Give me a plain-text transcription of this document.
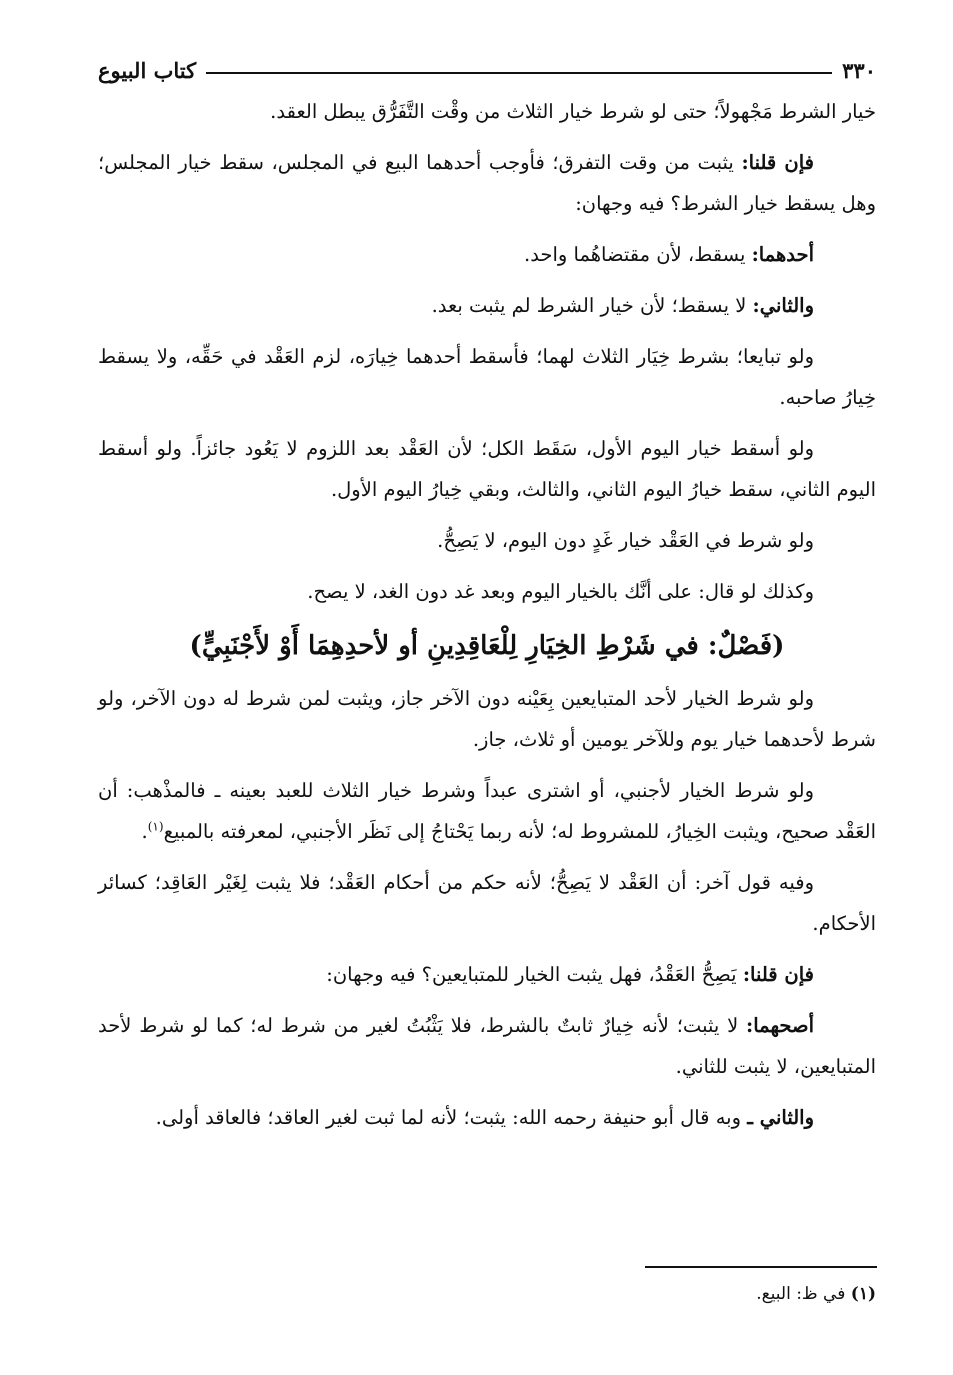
٣٣٠
كتاب البيوع

خيار الشرط مَجْهولاً؛ حتى لو شرط خيار الثلاث من وقْت التَّفَرُّق يبطل العقد.

فإن قلنا: يثبت من وقت التفرق؛ فأوجب أحدهما البيع في المجلس، سقط خيار المجلس؛ وهل يسقط خيار الشرط؟ فيه وجهان:

أحدهما: يسقط، لأن مقتضاهُما واحد.

والثاني: لا يسقط؛ لأن خيار الشرط لم يثبت بعد.

ولو تبايعا؛ بشرط خِيَار الثلاث لهما؛ فأسقط أحدهما خِيارَه، لزم العَقْد في حَقِّه، ولا يسقط خِيارُ صاحبه.

ولو أسقط خيار اليوم الأول، سَقَط الكل؛ لأن العَقْد بعد اللزوم لا يَعُود جائزاً. ولو أسقط اليوم الثاني، سقط خيارُ اليوم الثاني، والثالث، وبقي خِيارُ اليوم الأول.

ولو شرط في العَقْد خيار غَدٍ دون اليوم، لا يَصِحُّ.

وكذلك لو قال: على أنَّك بالخيار اليوم وبعد غد دون الغد، لا يصح.

(فَصْلٌ: في شَرْطِ الخِيَارِ لِلْعَاقِدِينِ أو لأحدِهِمَا أَوْ لأَجْنَبِيٍّ)

ولو شرط الخيار لأحد المتبايعين بِعَيْنه دون الآخر جاز، ويثبت لمن شرط له دون الآخر، ولو شرط لأحدهما خيار يوم وللآخر يومين أو ثلاث، جاز.

ولو شرط الخيار لأجنبي، أو اشترى عبداً وشرط خيار الثلاث للعبد بعينه ـ فالمذْهب: أن العَقْد صحيح، ويثبت الخِيارُ، للمشروط له؛ لأنه ربما يَحْتاجُ إلى نَظَر الأجنبي، لمعرفته بالمبيع$^{(١)}$.

وفيه قول آخر: أن العَقْد لا يَصِحُّ؛ لأنه حكم من أحكام العَقْد؛ فلا يثبت لِغَيْر العَاقِد؛ كسائر الأحكام.

فإن قلنا: يَصِحُّ العَقْدُ، فهل يثبت الخيار للمتبايعين؟ فيه وجهان:

أصحهما: لا يثبت؛ لأنه خِيارٌ ثابتٌ بالشرط، فلا يَثْبُتُ لغير من شرط له؛ كما لو شرط لأحد المتبايعين، لا يثبت للثاني.

والثاني ـ وبه قال أبو حنيفة رحمه الله: يثبت؛ لأنه لما ثبت لغير العاقد؛ فالعاقد أولى.

(١) في ظ: البيع.
